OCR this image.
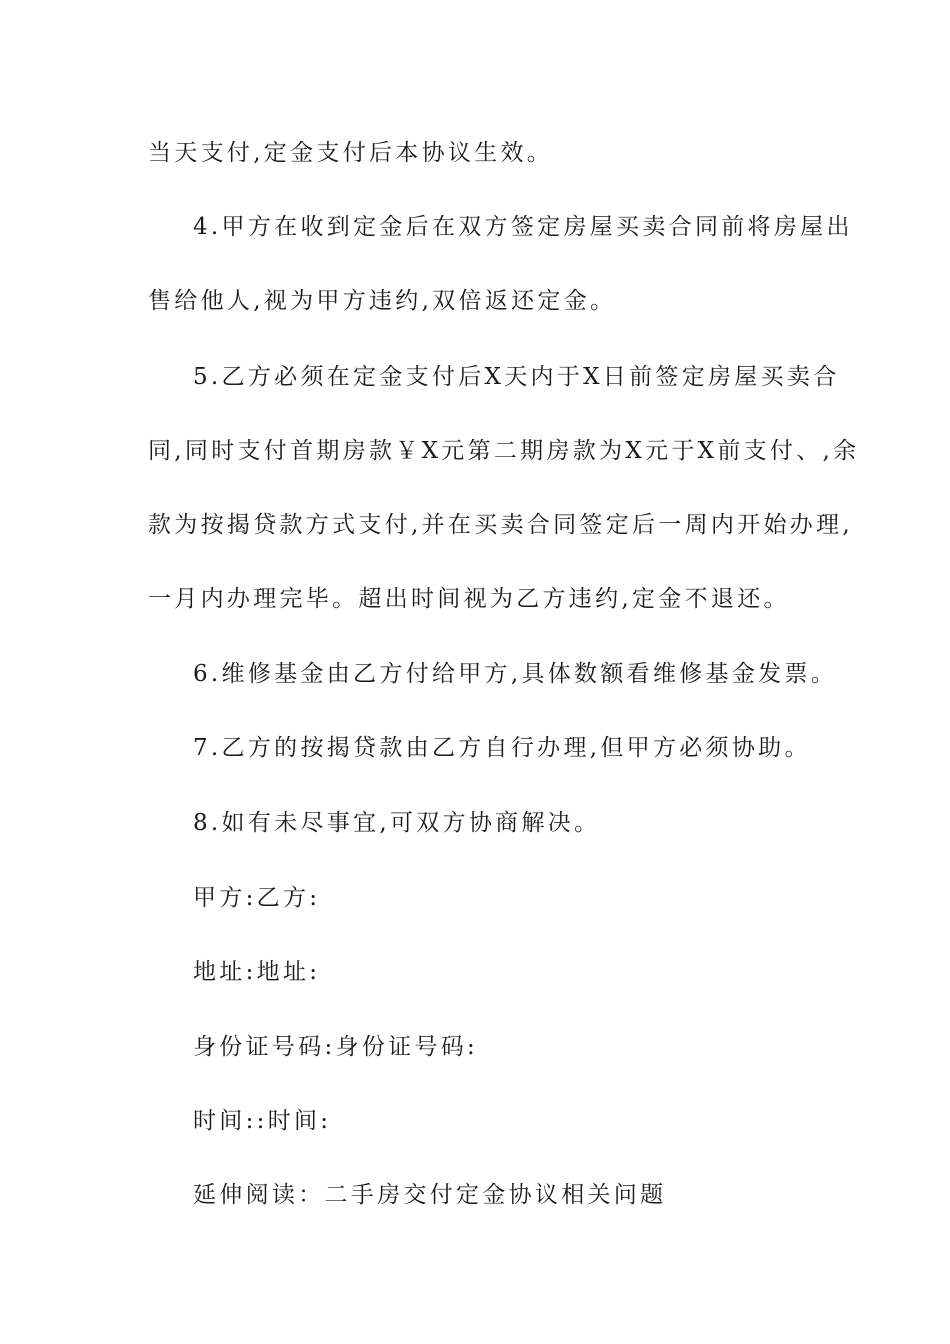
当天支付,定金支付后本协议生效。
4.甲方在收到定金后在双方签定房屋买卖合同前将房屋出
售给他人,视为甲方违约,双倍返还定金。
5.乙方必须在定金支付后X天内于X日前签定房屋买卖合
同,同时支付首期房款￥X元第二期房款为X元于X前支付、,余
款为按揭贷款方式支付,并在买卖合同签定后一周内开始办理,
一月内办理完毕。超出时间视为乙方违约,定金不退还。
6.维修基金由乙方付给甲方,具体数额看维修基金发票。
7.乙方的按揭贷款由乙方自行办理,但甲方必须协助。
8.如有未尽事宜,可双方协商解决。
甲方:乙方:
地址:地址:
身份证号码:身份证号码:
时间::时间:
延伸阅读：二手房交付定金协议相关问题
